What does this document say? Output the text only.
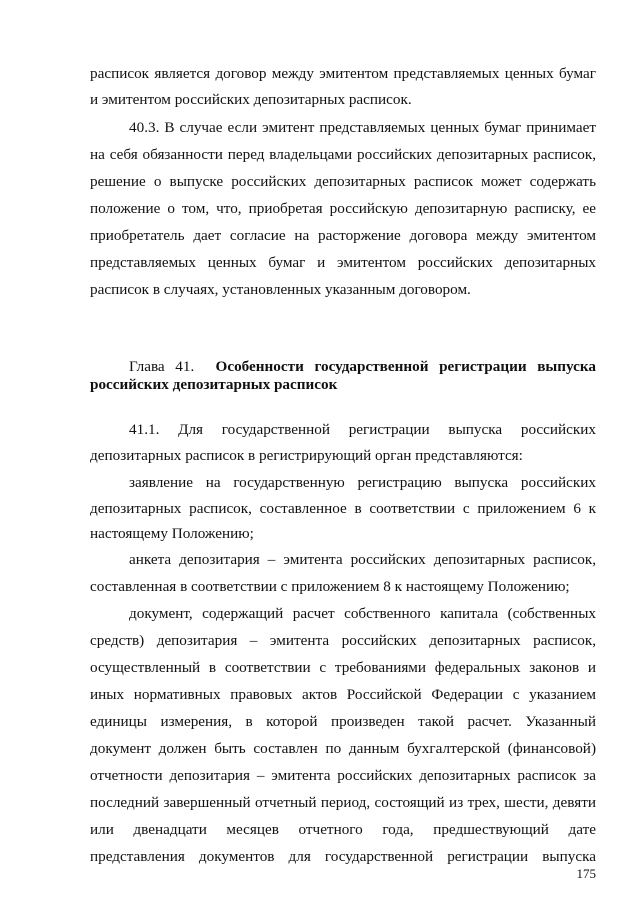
расписок является договор между эмитентом представляемых ценных бумаг
и эмитентом российских депозитарных расписок.
40.3. В случае если эмитент представляемых ценных бумаг принимает
на себя обязанности перед владельцами российских депозитарных расписок,
решение о выпуске российских депозитарных расписок может содержать
положение о том, что, приобретая российскую депозитарную расписку, ее
приобретатель дает согласие на расторжение договора между эмитентом
представляемых ценных бумаг и эмитентом российских депозитарных
расписок в случаях, установленных указанным договором.
Глава 41. Особенности государственной регистрации выпуска
российских депозитарных расписок
41.1. Для государственной регистрации выпуска российских
депозитарных расписок в регистрирующий орган представляются:
заявление на государственную регистрацию выпуска российских
депозитарных расписок, составленное в соответствии с приложением 6 к
настоящему Положению;
анкета депозитария – эмитента российских депозитарных расписок,
составленная в соответствии с приложением 8 к настоящему Положению;
документ, содержащий расчет собственного капитала (собственных
средств) депозитария – эмитента российских депозитарных расписок,
осуществленный в соответствии с требованиями федеральных законов и
иных нормативных правовых актов Российской Федерации с указанием
единицы измерения, в которой произведен такой расчет. Указанный
документ должен быть составлен по данным бухгалтерской (финансовой)
отчетности депозитария – эмитента российских депозитарных расписок за
последний завершенный отчетный период, состоящий из трех, шести, девяти
или двенадцати месяцев отчетного года, предшествующий дате
представления документов для государственной регистрации выпуска
175
